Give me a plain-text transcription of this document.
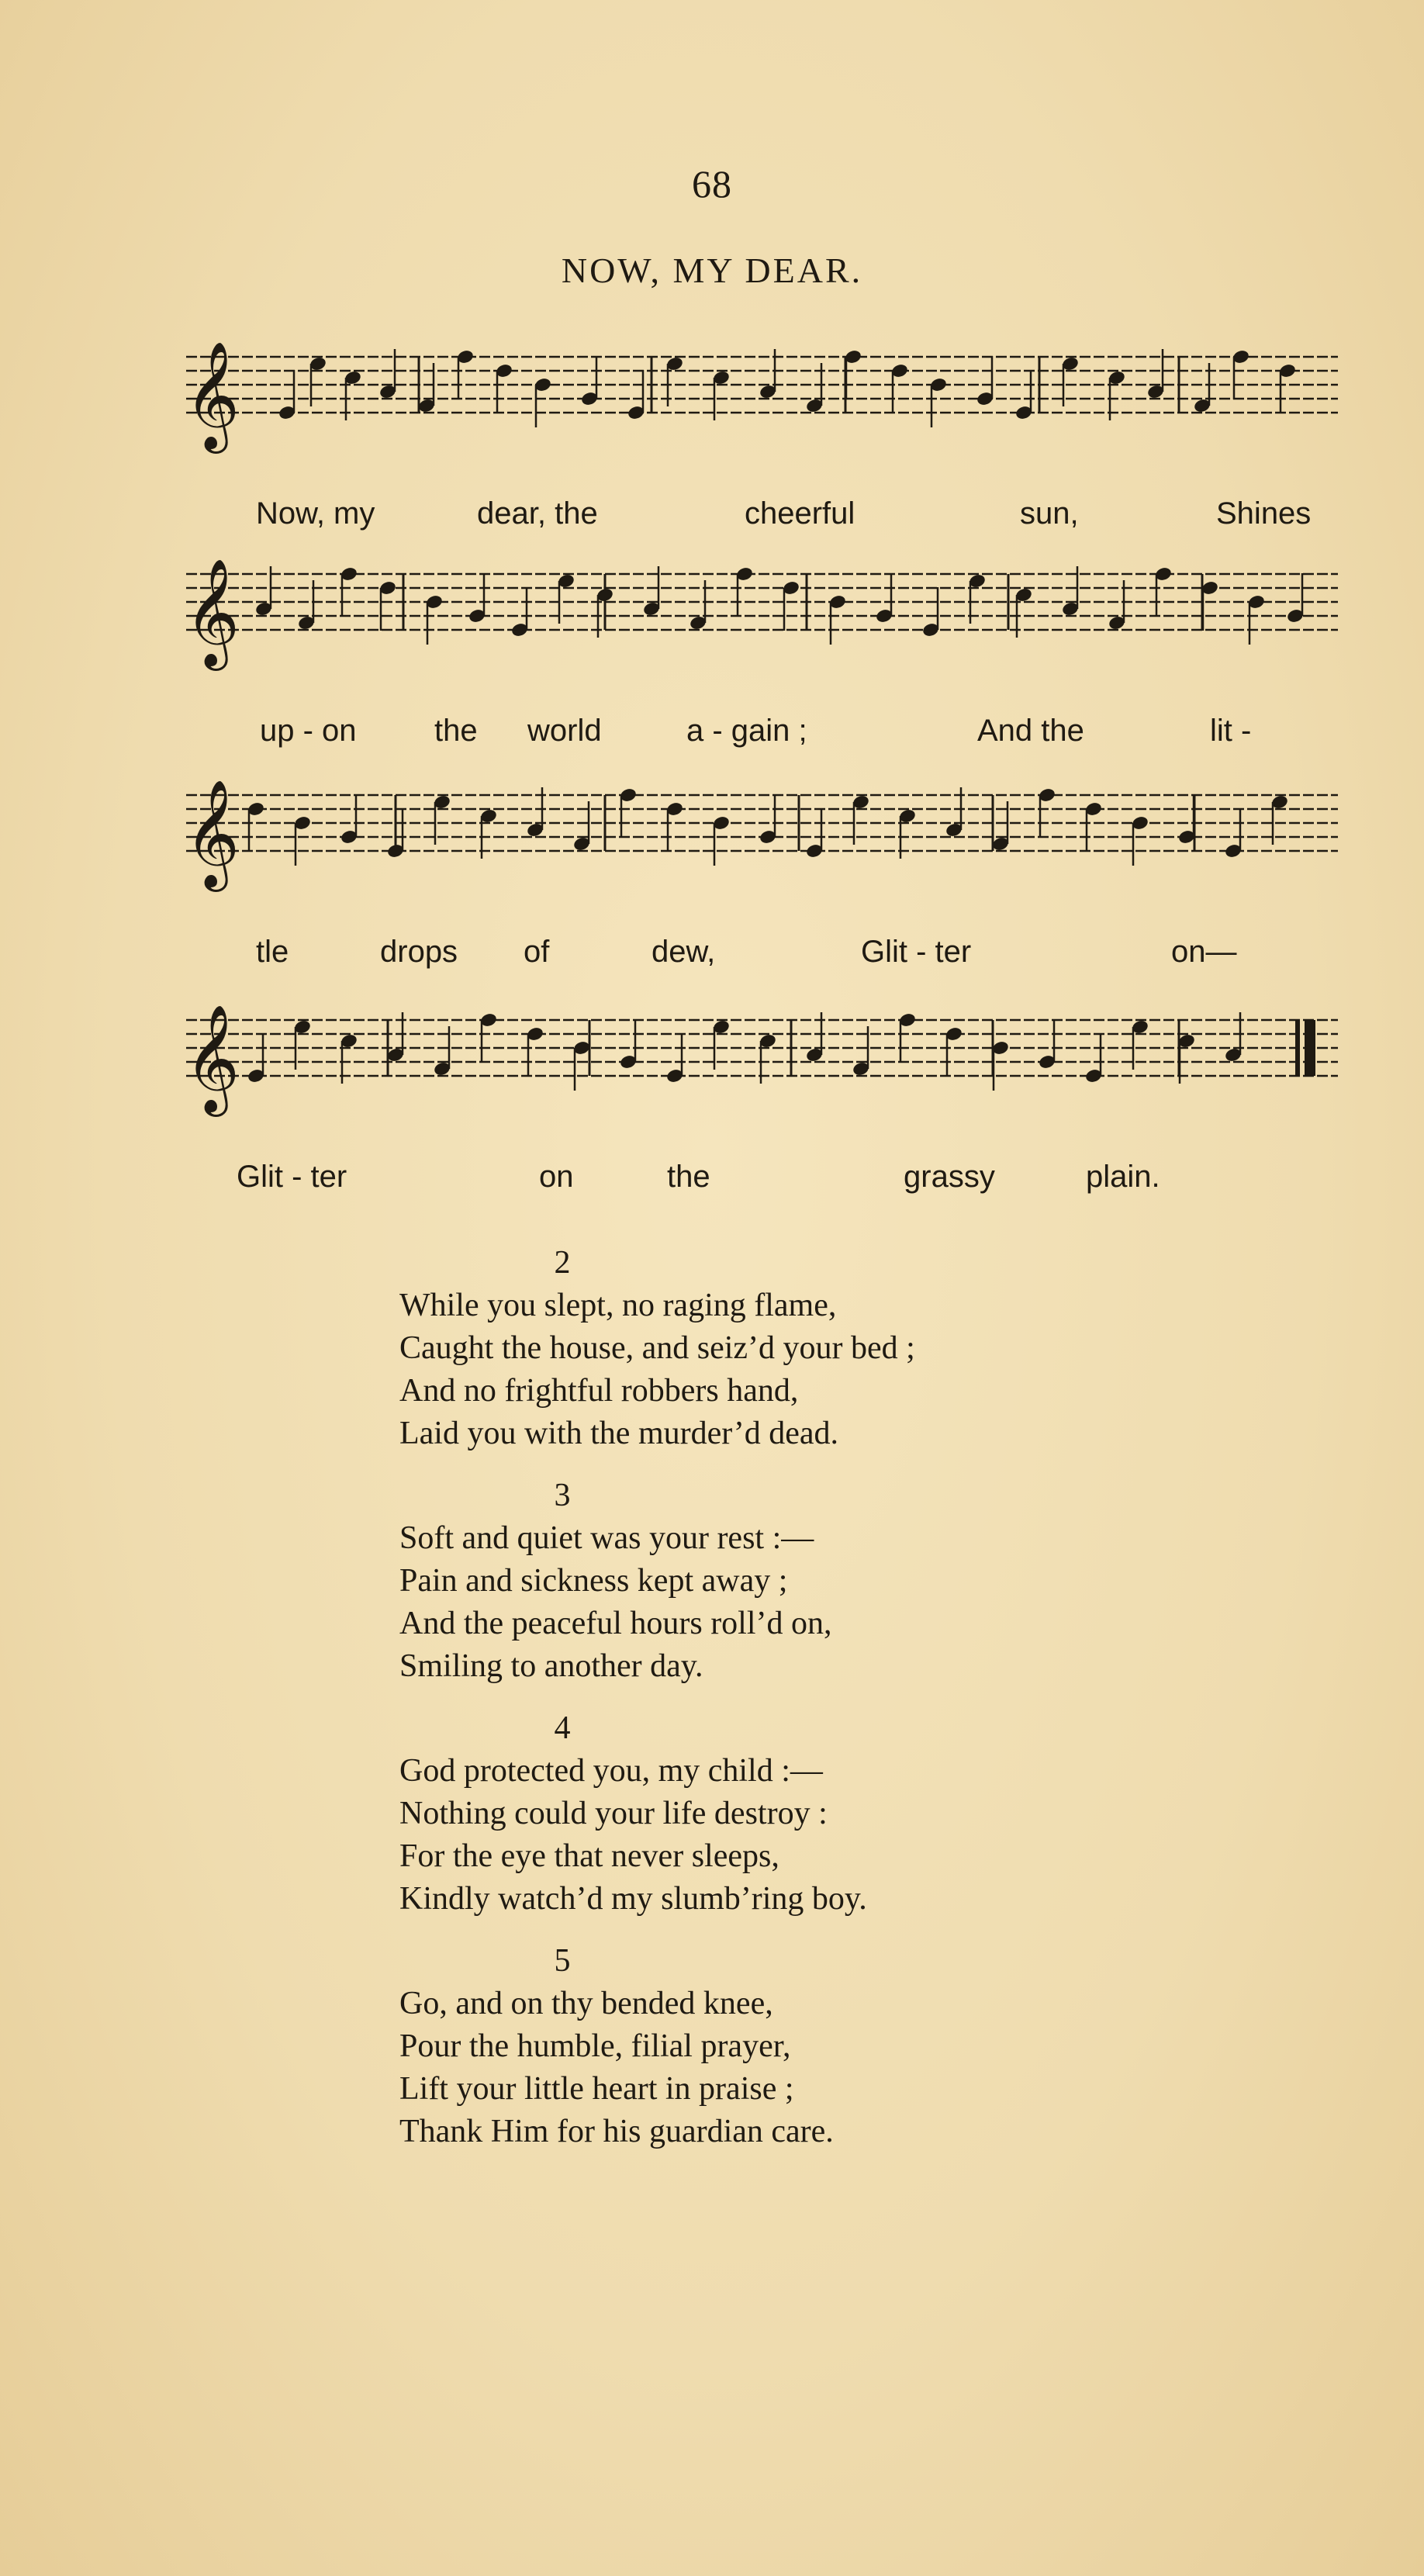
68
NOW, MY DEAR.
𝄞
Now, my	dear, the	cheerful	sun,	Shines
𝄞
up - on	the world	a - gain ;	And the	lit -
𝄞
tle	drops of	dew,	Glit - ter	on—
𝄞
Glit - ter	on	the	grassy	plain.
2
While you slept, no raging flame,
Caught the house, and seiz’d your bed ;
And no frightful robbers hand,
Laid you with the murder’d dead.
3
Soft and quiet was your rest :—
Pain and sickness kept away ;
And the peaceful hours roll’d on,
Smiling to another day.
4
God protected you, my child :—
Nothing could your life destroy :
For the eye that never sleeps,
Kindly watch’d my slumb’ring boy.
5
Go, and on thy bended knee,
Pour the humble, filial prayer,
Lift your little heart in praise ;
Thank Him for his guardian care.
